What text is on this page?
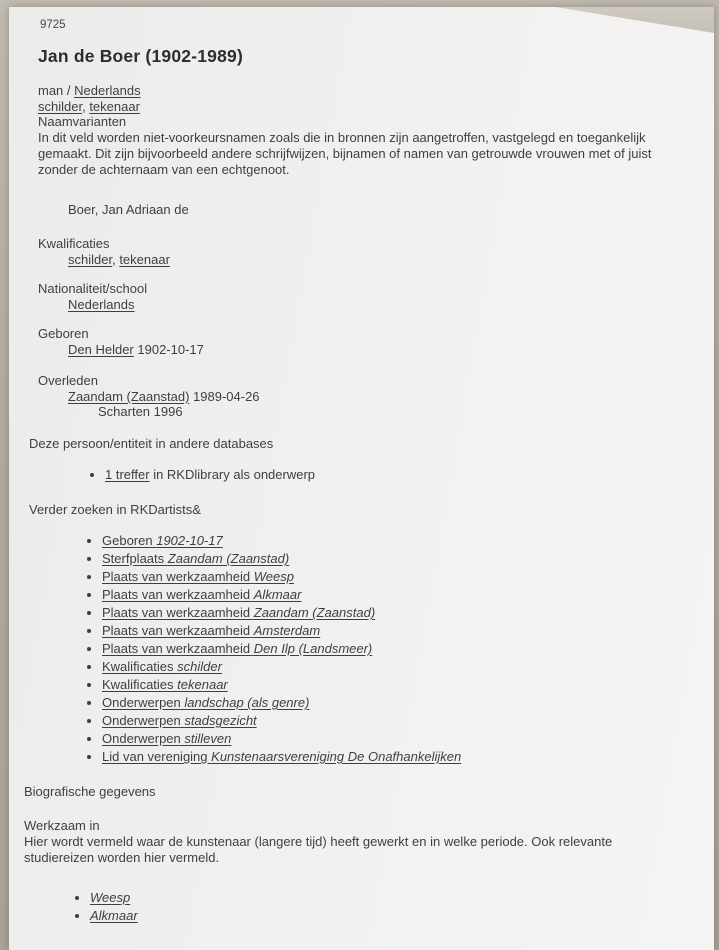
9725
Jan de Boer (1902-1989)
man / Nederlands
schilder, tekenaar
Naamvarianten

In dit veld worden niet-voorkeursnamen zoals die in bronnen zijn aangetroffen, vastgelegd en toegankelijk gemaakt. Dit zijn bijvoorbeeld andere schrijfwijzen, bijnamen of namen van getrouwde vrouwen met of juist zonder de achternaam van een echtgenoot.

Boer, Jan Adriaan de
Kwalificaties
schilder, tekenaar
Nationaliteit/school
Nederlands
Geboren
Den Helder 1902-10-17
Overleden
Zaandam (Zaanstad) 1989-04-26
Scharten 1996
Deze persoon/entiteit in andere databases
• 1 treffer in RKDlibrary als onderwerp
Verder zoeken in RKDartists&
• Geboren 1902-10-17
• Sterfplaats Zaandam (Zaanstad)
• Plaats van werkzaamheid Weesp
• Plaats van werkzaamheid Alkmaar
• Plaats van werkzaamheid Zaandam (Zaanstad)
• Plaats van werkzaamheid Amsterdam
• Plaats van werkzaamheid Den Ilp (Landsmeer)
• Kwalificaties schilder
• Kwalificaties tekenaar
• Onderwerpen landschap (als genre)
• Onderwerpen stadsgezicht
• Onderwerpen stilleven
• Lid van vereniging Kunstenaarsvereniging De Onafhankelijken
Biografische gegevens
Werkzaam in

Hier wordt vermeld waar de kunstenaar (langere tijd) heeft gewerkt en in welke periode. Ook relevante studiereizen worden hier vermeld.

• Weesp
• Alkmaar
